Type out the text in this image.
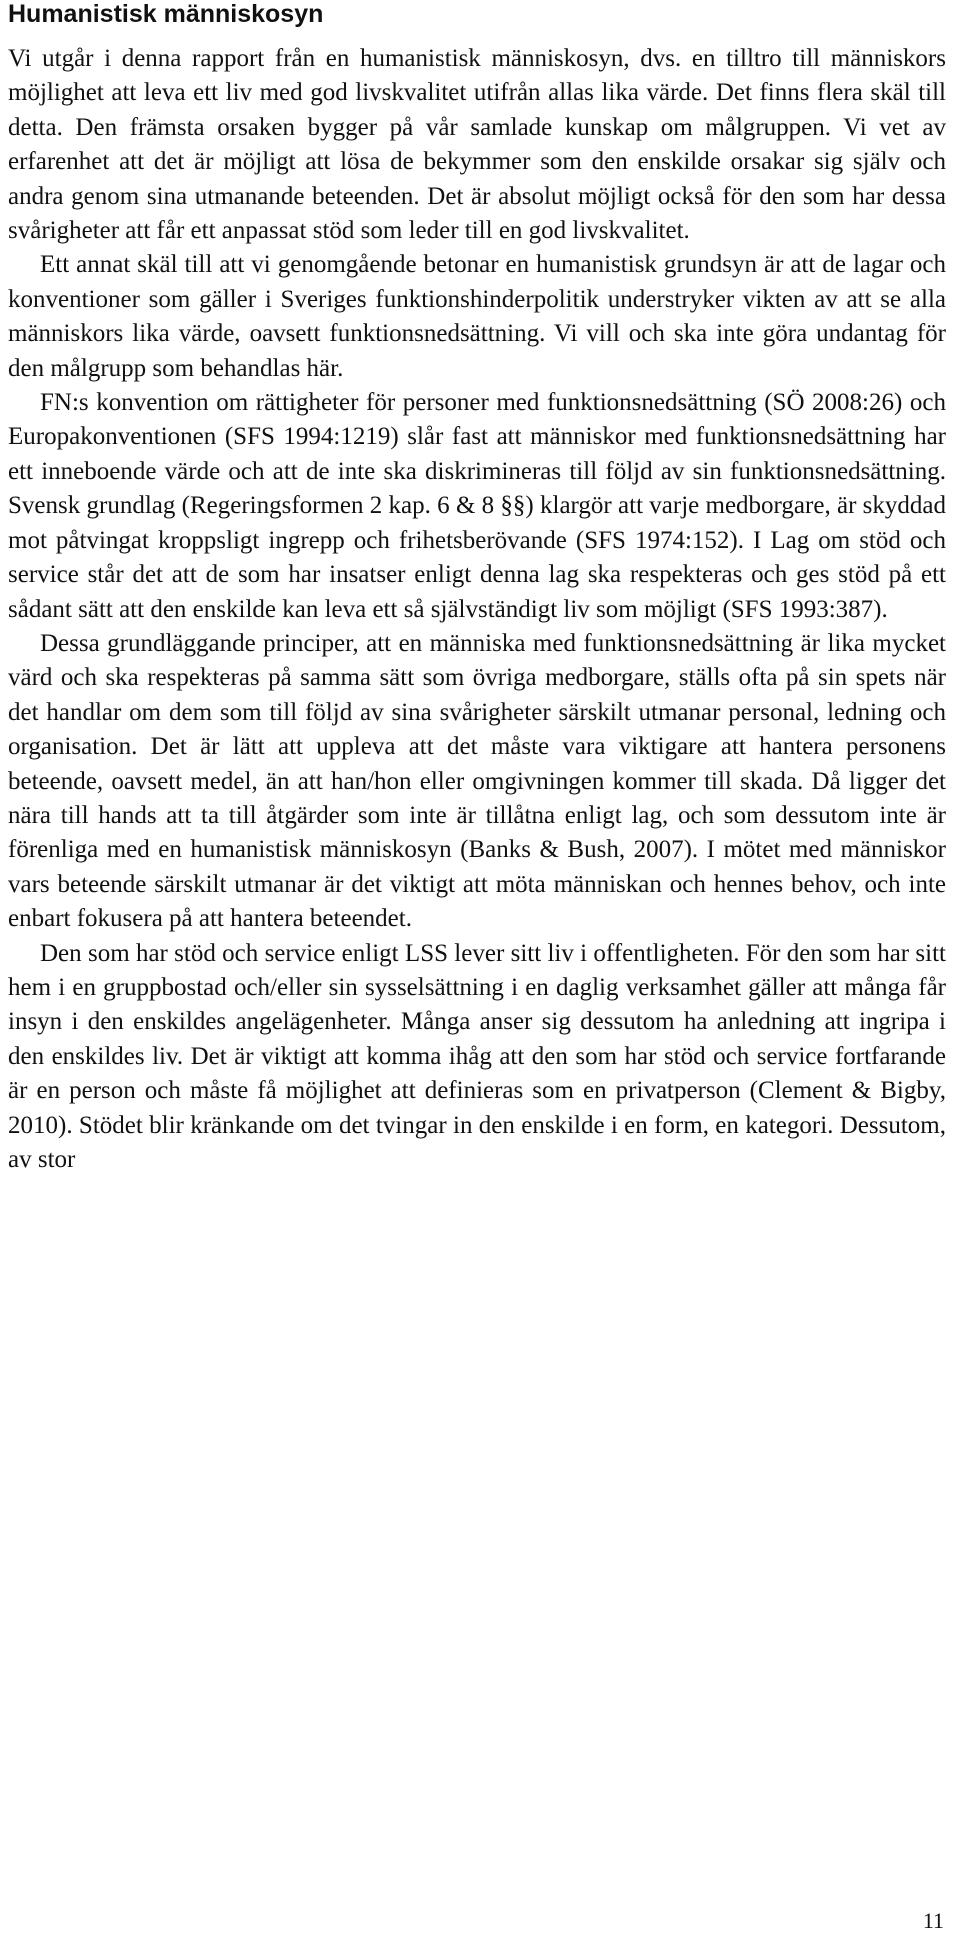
Humanistisk människosyn

Vi utgår i denna rapport från en humanistisk människosyn, dvs. en tilltro till människors möjlighet att leva ett liv med god livskvalitet utifrån allas lika värde. Det finns flera skäl till detta. Den främsta orsaken bygger på vår samlade kunskap om målgruppen. Vi vet av erfarenhet att det är möjligt att lösa de bekymmer som den enskilde orsakar sig själv och andra genom sina utmanande beteenden. Det är absolut möjligt också för den som har dessa svårigheter att får ett anpassat stöd som leder till en god livskvalitet.

Ett annat skäl till att vi genomgående betonar en humanistisk grundsyn är att de lagar och konventioner som gäller i Sveriges funktionshinderpolitik understryker vikten av att se alla människors lika värde, oavsett funktionsnedsättning. Vi vill och ska inte göra undantag för den målgrupp som behandlas här.

FN:s konvention om rättigheter för personer med funktionsnedsättning (SÖ 2008:26) och Europakonventionen (SFS 1994:1219) slår fast att människor med funktionsnedsättning har ett inneboende värde och att de inte ska diskrimineras till följd av sin funktionsnedsättning. Svensk grundlag (Regeringsformen 2 kap. 6 & 8 §§) klargör att varje medborgare, är skyddad mot påtvingat kroppsligt ingrepp och frihetsberövande (SFS 1974:152). I Lag om stöd och service står det att de som har insatser enligt denna lag ska respekteras och ges stöd på ett sådant sätt att den enskilde kan leva ett så självständigt liv som möjligt (SFS 1993:387).

Dessa grundläggande principer, att en människa med funktionsnedsättning är lika mycket värd och ska respekteras på samma sätt som övriga medborgare, ställs ofta på sin spets när det handlar om dem som till följd av sina svårigheter särskilt utmanar personal, ledning och organisation. Det är lätt att uppleva att det måste vara viktigare att hantera personens beteende, oavsett medel, än att han/hon eller omgivningen kommer till skada. Då ligger det nära till hands att ta till åtgärder som inte är tillåtna enligt lag, och som dessutom inte är förenliga med en humanistisk människosyn (Banks & Bush, 2007). I mötet med människor vars beteende särskilt utmanar är det viktigt att möta människan och hennes behov, och inte enbart fokusera på att hantera beteendet.

Den som har stöd och service enligt LSS lever sitt liv i offentligheten. För den som har sitt hem i en gruppbostad och/eller sin sysselsättning i en daglig verksamhet gäller att många får insyn i den enskildes angelägenheter. Många anser sig dessutom ha anledning att ingripa i den enskildes liv. Det är viktigt att komma ihåg att den som har stöd och service fortfarande är en person och måste få möjlighet att definieras som en privatperson (Clement & Bigby, 2010). Stödet blir kränkande om det tvingar in den enskilde i en form, en kategori. Dessutom, av stor

11
